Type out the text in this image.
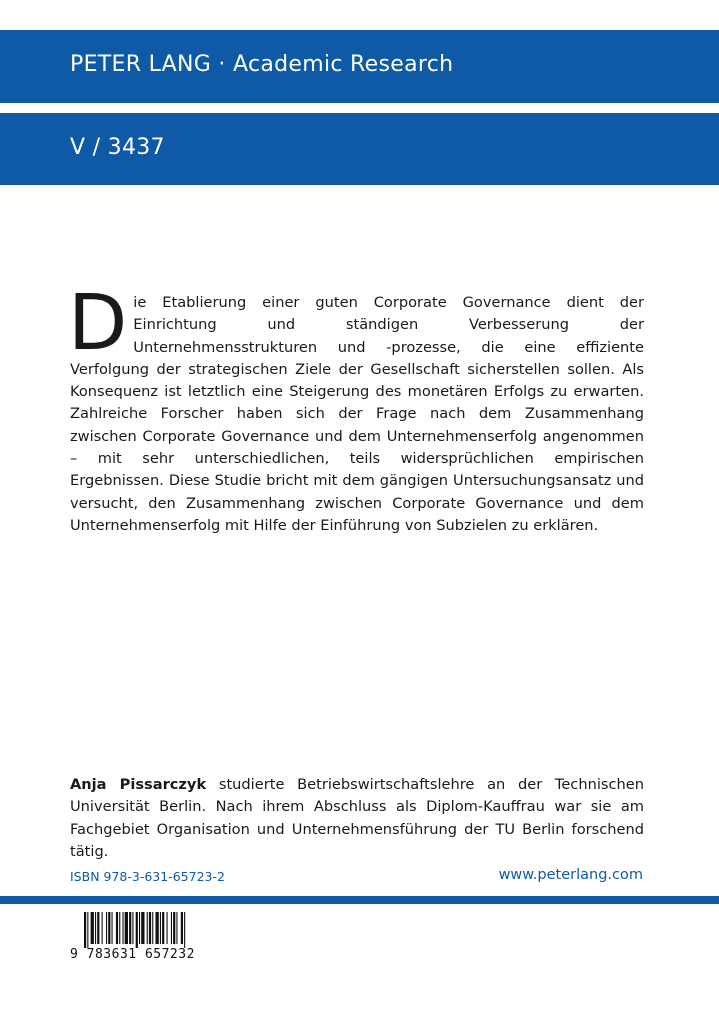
PETER LANG · Academic Research
V / 3437
Die Etablierung einer guten Corporate Governance dient der Einrichtung und ständigen Verbesserung der Unternehmensstrukturen und -prozesse, die eine effiziente Verfolgung der strategischen Ziele der Gesellschaft sicherstellen sollen. Als Konsequenz ist letztlich eine Steigerung des monetären Erfolgs zu erwarten. Zahlreiche Forscher haben sich der Frage nach dem Zusammenhang zwischen Corporate Governance und dem Unternehmenserfolg angenommen – mit sehr unterschiedlichen, teils widersprüchlichen empirischen Ergebnissen. Diese Studie bricht mit dem gängigen Untersuchungsansatz und versucht, den Zusammenhang zwischen Corporate Governance und dem Unternehmenserfolg mit Hilfe der Einführung von Subzielen zu erklären.
Anja Pissarczyk studierte Betriebswirtschaftslehre an der Technischen Universität Berlin. Nach ihrem Abschluss als Diplom-Kauffrau war sie am Fachgebiet Organisation und Unternehmensführung der TU Berlin forschend tätig.
ISBN 978-3-631-65723-2	www.peterlang.com
9 783631 657232
